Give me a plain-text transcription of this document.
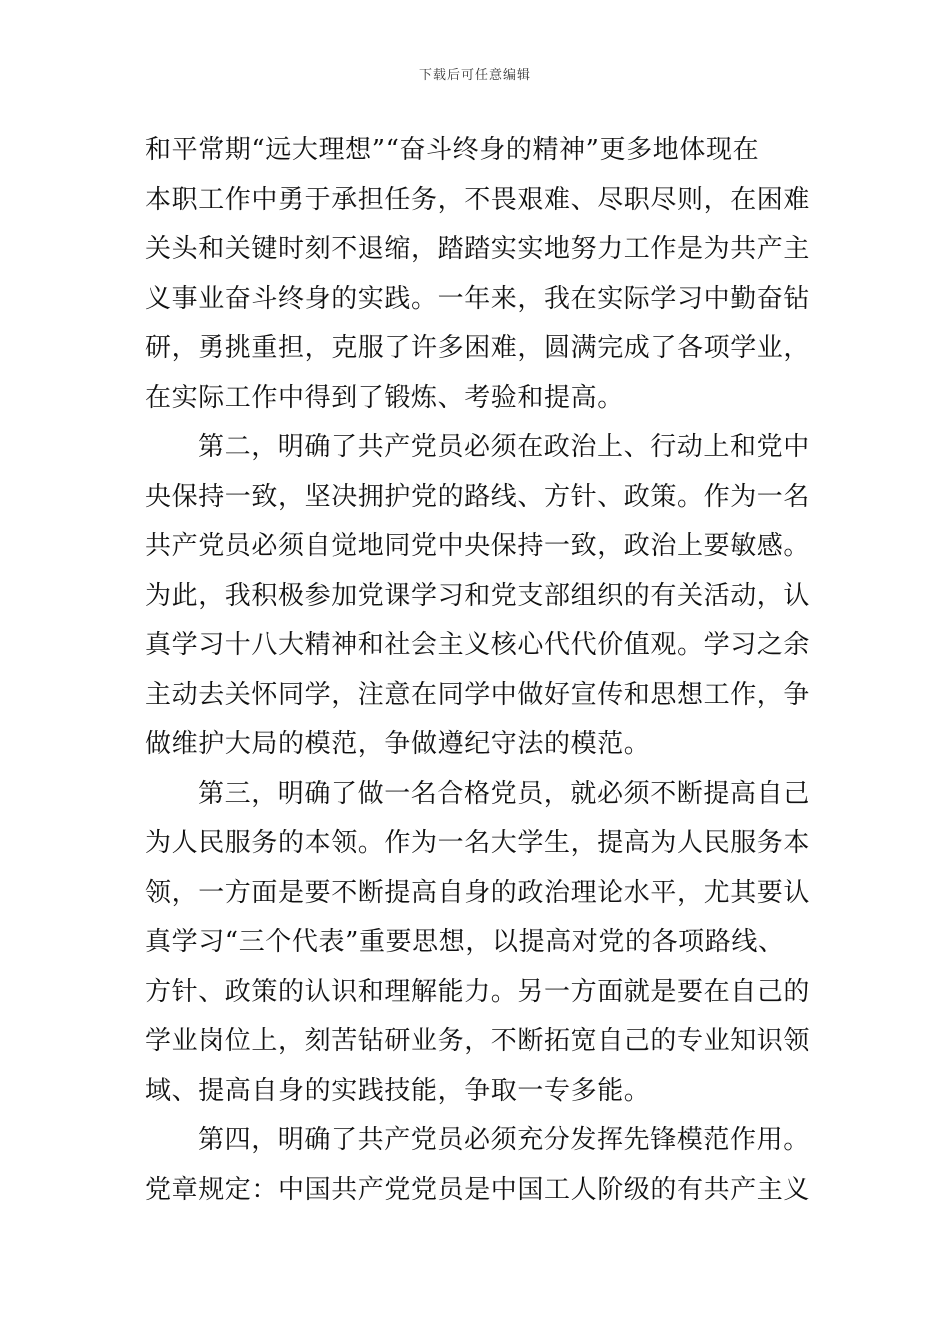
下载后可任意编辑
和平常期“远大理想”“奋斗终身的精神”更多地体现在
本职工作中勇于承担任务，不畏艰难、尽职尽则，在困难
关头和关键时刻不退缩，踏踏实实地努力工作是为共产主
义事业奋斗终身的实践。一年来，我在实际学习中勤奋钻
研，勇挑重担，克服了许多困难，圆满完成了各项学业，
在实际工作中得到了锻炼、考验和提高。
第二，明确了共产党员必须在政治上、行动上和党中
央保持一致，坚决拥护党的路线、方针、政策。作为一名
共产党员必须自觉地同党中央保持一致，政治上要敏感。
为此，我积极参加党课学习和党支部组织的有关活动，认
真学习十八大精神和社会主义核心代代价值观。学习之余
主动去关怀同学，注意在同学中做好宣传和思想工作，争
做维护大局的模范，争做遵纪守法的模范。
第三，明确了做一名合格党员，就必须不断提高自己
为人民服务的本领。作为一名大学生，提高为人民服务本
领，一方面是要不断提高自身的政治理论水平，尤其要认
真学习“三个代表”重要思想，以提高对党的各项路线、
方针、政策的认识和理解能力。另一方面就是要在自己的
学业岗位上，刻苦钻研业务，不断拓宽自己的专业知识领
域、提高自身的实践技能，争取一专多能。
第四，明确了共产党员必须充分发挥先锋模范作用。
党章规定：中国共产党党员是中国工人阶级的有共产主义
